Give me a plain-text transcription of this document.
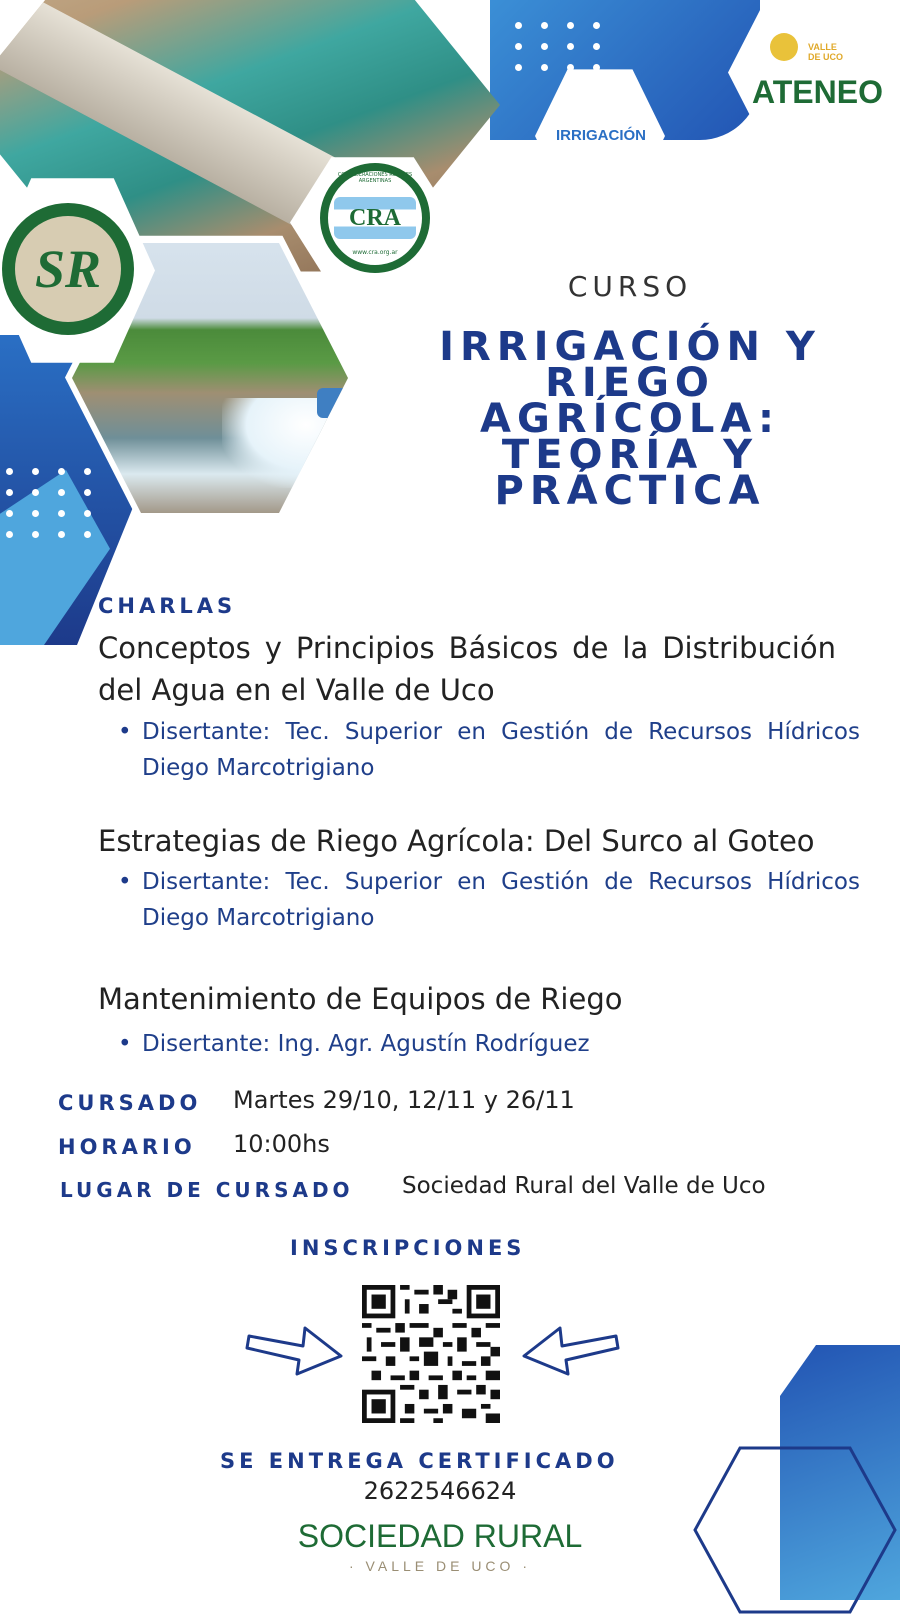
SR
CONFEDERACIONES RURALES ARGENTINAS
CRA
www.cra.org.ar
IRRIGACIÓN
VALLE DE UCO
ATENEO
CURSO
IRRIGACIÓN Y
RIEGO
AGRÍCOLA:
TEORÍA Y
PRÁCTICA
CHARLAS
Conceptos y Principios Básicos de la Distribución del Agua en el Valle de Uco
• Disertante: Tec. Superior en Gestión de Recursos Hídricos Diego Marcotrigiano
Estrategias de Riego Agrícola: Del Surco al Goteo
• Disertante: Tec. Superior en Gestión de Recursos Hídricos Diego Marcotrigiano
Mantenimiento de Equipos de Riego
• Disertante: Ing. Agr. Agustín Rodríguez
CURSADO Martes 29/10, 12/11 y 26/11
HORARIO 10:00hs
LUGAR DE CURSADO Sociedad Rural del Valle de Uco
INSCRIPCIONES
SE ENTREGA CERTIFICADO
2622546624
SOCIEDAD RURAL
· VALLE DE UCO ·
